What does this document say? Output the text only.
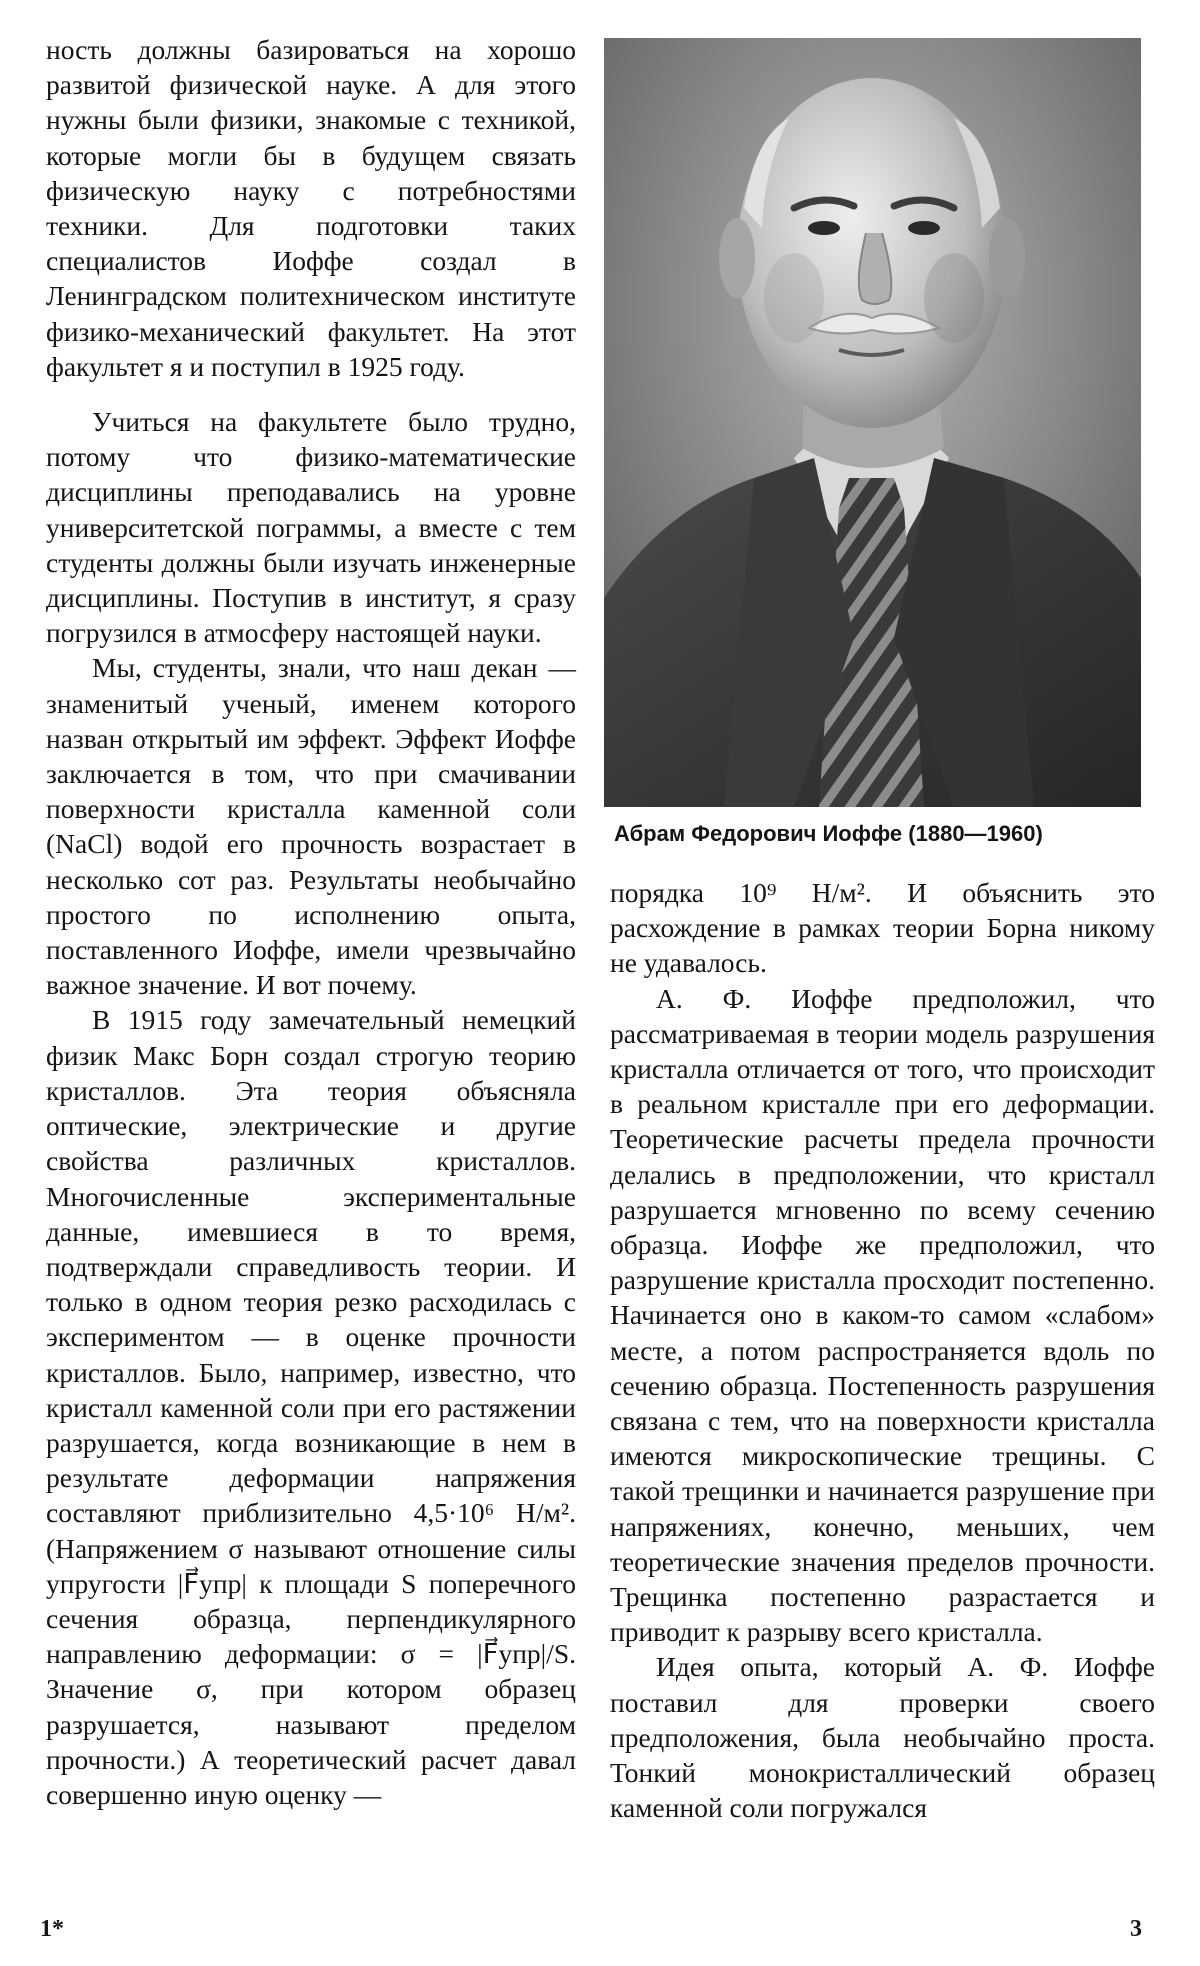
ность должны базироваться на хорошо развитой физической науке. А для этого нужны были физики, знакомые с техникой, которые могли бы в будущем связать физическую науку с потребностями техники. Для подготовки таких специалистов Иоффе создал в Ленинградском политехническом институте физико-механический факультет. На этот факультет я и поступил в 1925 году.

Учиться на факультете было трудно, потому что физико-математические дисциплины преподавались на уровне университетской пограммы, а вместе с тем студенты должны были изучать инженерные дисциплины. Поступив в институт, я сразу погрузился в атмосферу настоящей науки.

Мы, студенты, знали, что наш декан — знаменитый ученый, именем которого назван открытый им эффект. Эффект Иоффе заключается в том, что при смачивании поверхности кристалла каменной соли (NaCl) водой его прочность возрастает в несколько сот раз. Результаты необычайно простого по исполнению опыта, поставленного Иоффе, имели чрезвычайно важное значение. И вот почему.

В 1915 году замечательный немецкий физик Макс Борн создал строгую теорию кристаллов. Эта теория объясняла оптические, электрические и другие свойства различных кристаллов. Многочисленные экспериментальные данные, имевшиеся в то время, подтверждали справедливость теории. И только в одном теория резко расходилась с экспериментом — в оценке прочности кристаллов. Было, например, известно, что кристалл каменной соли при его растяжении разрушается, когда возникающие в нем в результате деформации напряжения составляют приблизительно 4,5·10⁶ Н/м². (Напряжением σ называют отношение силы упругости |F⃗упр| к площади S поперечного сечения образца, перпендикулярного направлению деформации: σ = |F⃗упр|/S. Значение σ, при котором образец разрушается, называют пределом прочности.) А теоретический расчет давал совершенно иную оценку —

Абрам Федорович Иоффе (1880—1960)

порядка 10⁹ Н/м². И объяснить это расхождение в рамках теории Борна никому не удавалось.

А. Ф. Иоффе предположил, что рассматриваемая в теории модель разрушения кристалла отличается от того, что происходит в реальном кристалле при его деформации. Теоретические расчеты предела прочности делались в предположении, что кристалл разрушается мгновенно по всему сечению образца. Иоффе же предположил, что разрушение кристалла просходит постепенно. Начинается оно в каком-то самом «слабом» месте, а потом распространяется вдоль по сечению образца. Постепенность разрушения связана с тем, что на поверхности кристалла имеются микроскопические трещины. С такой трещинки и начинается разрушение при напряжениях, конечно, меньших, чем теоретические значения пределов прочности. Трещинка постепенно разрастается и приводит к разрыву всего кристалла.

Идея опыта, который А. Ф. Иоффе поставил для проверки своего предположения, была необычайно проста. Тонкий монокристаллический образец каменной соли погружался

1*	3
